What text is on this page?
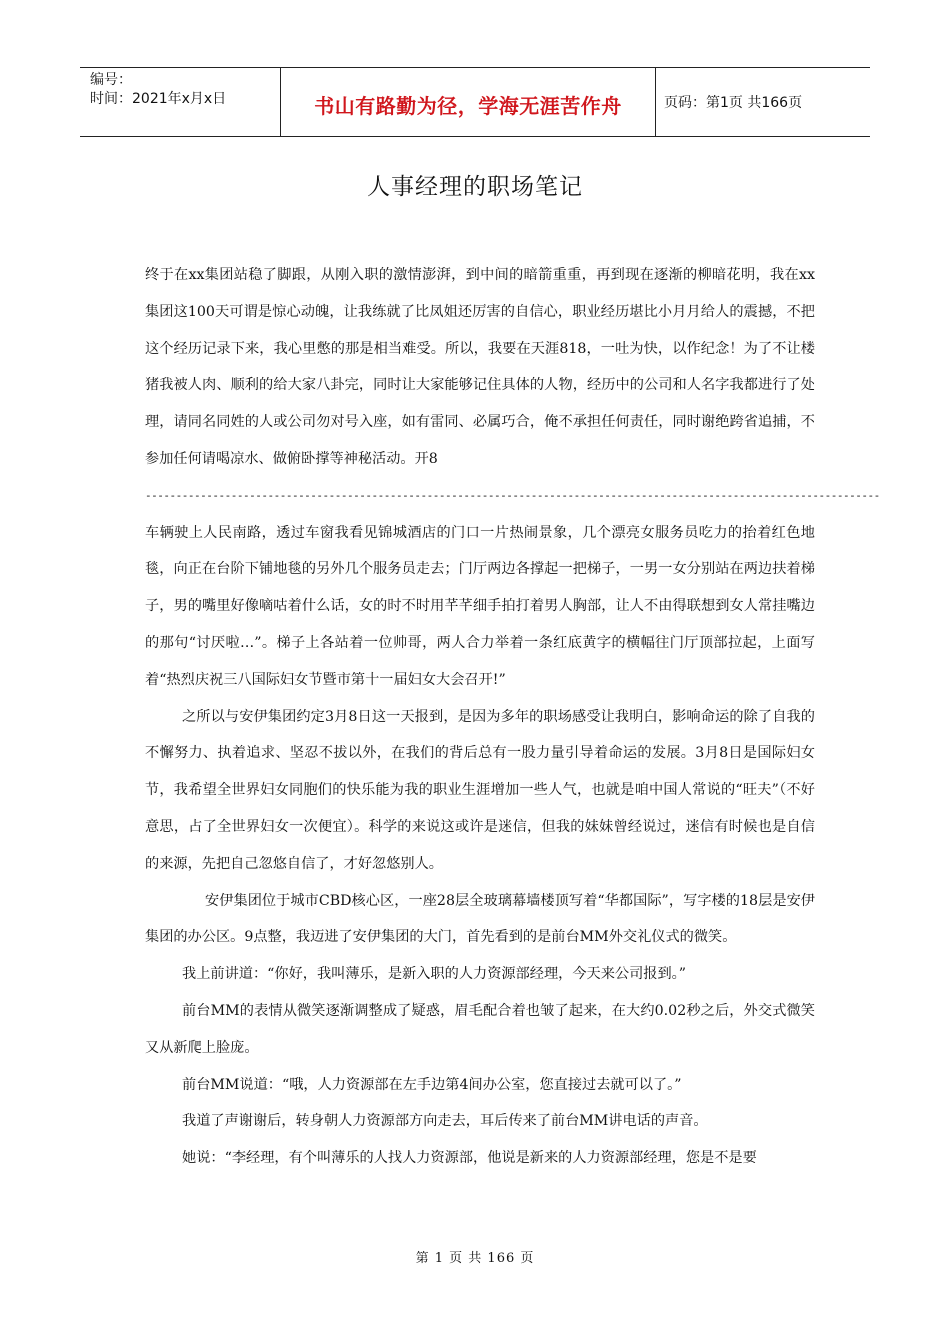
编号：
时间：2021年x月x日	书山有路勤为径，学海无涯苦作舟	页码：第1页 共166页
人事经理的职场笔记

终于在xx集团站稳了脚跟，从刚入职的激情澎湃，到中间的暗箭重重，再到现在逐渐的柳暗花明，我在xx集团这100天可谓是惊心动魄，让我练就了比凤姐还厉害的自信心，职业经历堪比小月月给人的震撼，不把这个经历记录下来，我心里憋的那是相当难受。所以，我要在天涯818，一吐为快，以作纪念！为了不让楼猪我被人肉、顺利的给大家八卦完，同时让大家能够记住具体的人物，经历中的公司和人名字我都进行了处理，请同名同姓的人或公司勿对号入座，如有雷同、必属巧合，俺不承担任何责任，同时谢绝跨省追捕，不参加任何请喝凉水、做俯卧撑等神秘活动。开8

------------------------------------------------------------------------------------------------------------------------

车辆驶上人民南路，透过车窗我看见锦城酒店的门口一片热闹景象，几个漂亮女服务员吃力的抬着红色地毯，向正在台阶下铺地毯的另外几个服务员走去；门厅两边各撑起一把梯子，一男一女分别站在两边扶着梯子，男的嘴里好像嘀咕着什么话，女的时不时用芊芊细手拍打着男人胸部，让人不由得联想到女人常挂嘴边的那句“讨厌啦…”。梯子上各站着一位帅哥，两人合力举着一条红底黄字的横幅往门厅顶部拉起，上面写着“热烈庆祝三八国际妇女节暨市第十一届妇女大会召开!”

之所以与安伊集团约定3月8日这一天报到，是因为多年的职场感受让我明白，影响命运的除了自我的不懈努力、执着追求、坚忍不拔以外，在我们的背后总有一股力量引导着命运的发展。3月8日是国际妇女节，我希望全世界妇女同胞们的快乐能为我的职业生涯增加一些人气，也就是咱中国人常说的“旺夫”（不好意思，占了全世界妇女一次便宜）。科学的来说这或许是迷信，但我的妹妹曾经说过，迷信有时候也是自信的来源，先把自己忽悠自信了，才好忽悠别人。

安伊集团位于城市CBD核心区，一座28层全玻璃幕墙楼顶写着“华都国际”，写字楼的18层是安伊集团的办公区。9点整，我迈进了安伊集团的大门，首先看到的是前台MM外交礼仪式的微笑。

我上前讲道：“你好，我叫薄乐，是新入职的人力资源部经理，今天来公司报到。”

前台MM的表情从微笑逐渐调整成了疑惑，眉毛配合着也皱了起来，在大约0.02秒之后，外交式微笑又从新爬上脸庞。

前台MM说道：“哦，人力资源部在左手边第4间办公室，您直接过去就可以了。”

我道了声谢谢后，转身朝人力资源部方向走去，耳后传来了前台MM讲电话的声音。

她说：“李经理，有个叫薄乐的人找人力资源部，他说是新来的人力资源部经理，您是不是要

第 1 页 共 166 页
